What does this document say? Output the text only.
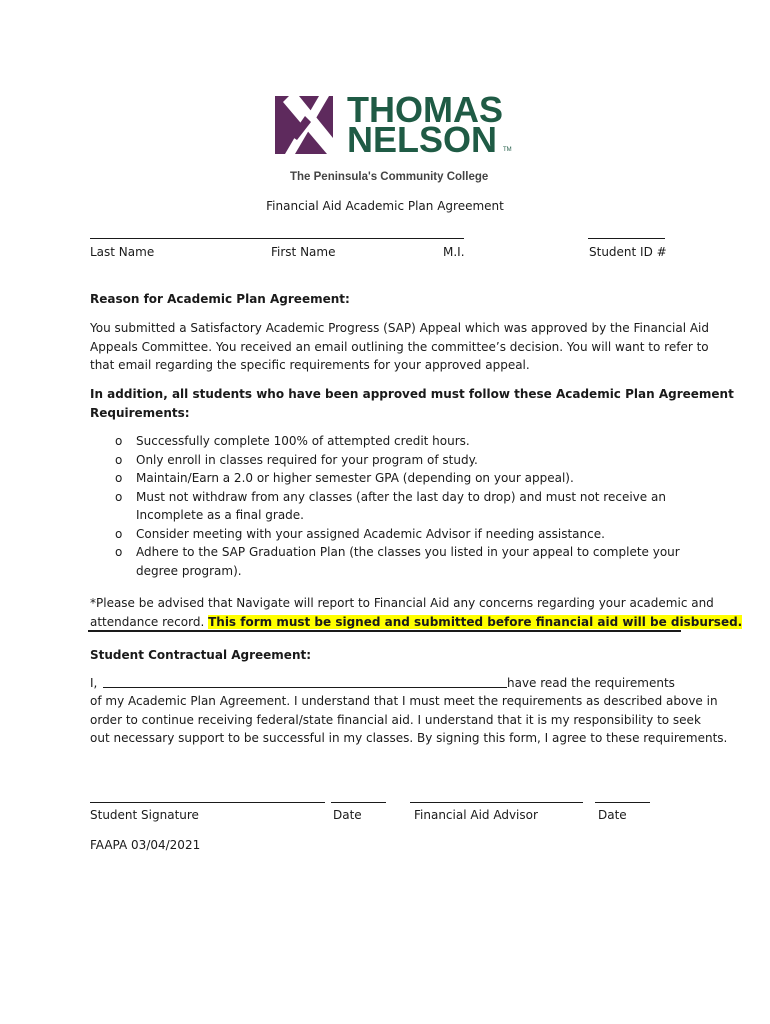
THOMAS
NELSON TM
The Peninsula's Community College
Financial Aid Academic Plan Agreement
Last Name	First Name	M.I.	Student ID #
Reason for Academic Plan Agreement:
You submitted a Satisfactory Academic Progress (SAP) Appeal which was approved by the Financial Aid
Appeals Committee. You received an email outlining the committee’s decision. You will want to refer to
that email regarding the specific requirements for your approved appeal.
In addition, all students who have been approved must follow these Academic Plan Agreement
Requirements:
o Successfully complete 100% of attempted credit hours.
o Only enroll in classes required for your program of study.
o Maintain/Earn a 2.0 or higher semester GPA (depending on your appeal).
o Must not withdraw from any classes (after the last day to drop) and must not receive an
Incomplete as a final grade.
o Consider meeting with your assigned Academic Advisor if needing assistance.
o Adhere to the SAP Graduation Plan (the classes you listed in your appeal to complete your
degree program).
*Please be advised that Navigate will report to Financial Aid any concerns regarding your academic and
attendance record. This form must be signed and submitted before financial aid will be disbursed.
Student Contractual Agreement:
I,	have read the requirements
of my Academic Plan Agreement. I understand that I must meet the requirements as described above in
order to continue receiving federal/state financial aid. I understand that it is my responsibility to seek
out necessary support to be successful in my classes. By signing this form, I agree to these requirements.
Student Signature	Date	Financial Aid Advisor	Date
FAAPA 03/04/2021
